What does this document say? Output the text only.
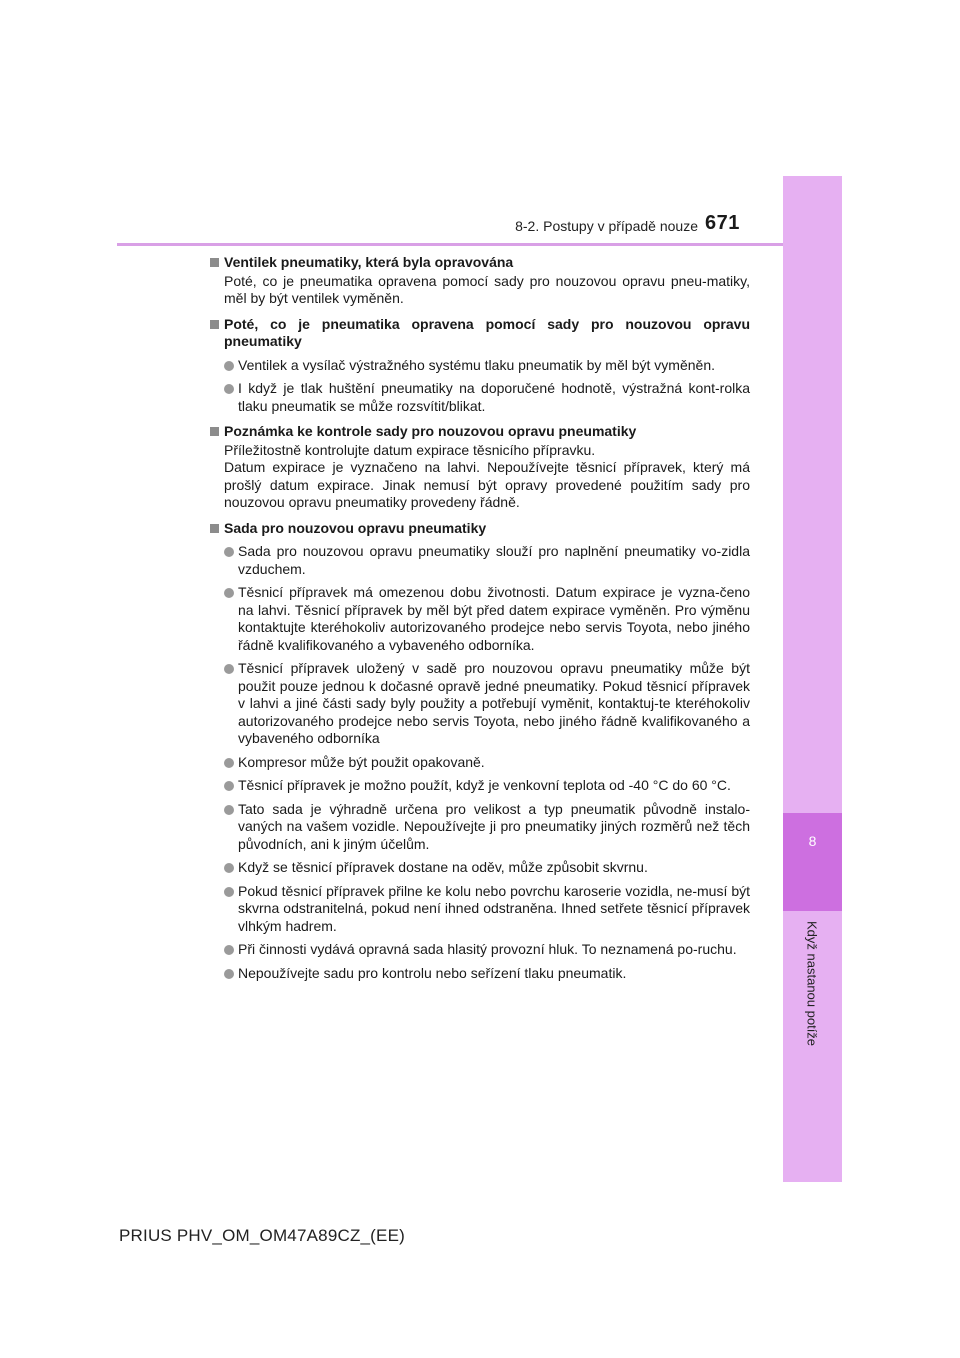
8-2. Postupy v případě nouze 671
8
Když nastanou potíže
Ventilek pneumatiky, která byla opravována
Poté, co je pneumatika opravena pomocí sady pro nouzovou opravu pneu-matiky, měl by být ventilek vyměněn.
Poté, co je pneumatika opravena pomocí sady pro nouzovou opravu pneumatiky
Ventilek a vysílač výstražného systému tlaku pneumatik by měl být vyměněn.
I když je tlak huštění pneumatiky na doporučené hodnotě, výstražná kont-rolka tlaku pneumatik se může rozsvítit/blikat.
Poznámka ke kontrole sady pro nouzovou opravu pneumatiky
Příležitostně kontrolujte datum expirace těsnicího přípravku.
Datum expirace je vyznačeno na lahvi. Nepoužívejte těsnicí přípravek, který má prošlý datum expirace. Jinak nemusí být opravy provedené použitím sady pro nouzovou opravu pneumatiky provedeny řádně.
Sada pro nouzovou opravu pneumatiky
Sada pro nouzovou opravu pneumatiky slouží pro naplnění pneumatiky vo-zidla vzduchem.
Těsnicí přípravek má omezenou dobu životnosti. Datum expirace je vyzna-čeno na lahvi. Těsnicí přípravek by měl být před datem expirace vyměněn. Pro výměnu kontaktujte kteréhokoliv autorizovaného prodejce nebo servis Toyota, nebo jiného řádně kvalifikovaného a vybaveného odborníka.
Těsnicí přípravek uložený v sadě pro nouzovou opravu pneumatiky může být použit pouze jednou k dočasné opravě jedné pneumatiky. Pokud těsnicí přípravek v lahvi a jiné části sady byly použity a potřebují vyměnit, kontaktuj-te kteréhokoliv autorizovaného prodejce nebo servis Toyota, nebo jiného řádně kvalifikovaného a vybaveného odborníka
Kompresor může být použit opakovaně.
Těsnicí přípravek je možno použít, když je venkovní teplota od -40 °C do 60 °C.
Tato sada je výhradně určena pro velikost a typ pneumatik původně instalo-vaných na vašem vozidle. Nepoužívejte ji pro pneumatiky jiných rozměrů než těch původních, ani k jiným účelům.
Když se těsnicí přípravek dostane na oděv, může způsobit skvrnu.
Pokud těsnicí přípravek přilne ke kolu nebo povrchu karoserie vozidla, ne-musí být skvrna odstranitelná, pokud není ihned odstraněna. Ihned setřete těsnicí přípravek vlhkým hadrem.
Při činnosti vydává opravná sada hlasitý provozní hluk. To neznamená po-ruchu.
Nepoužívejte sadu pro kontrolu nebo seřízení tlaku pneumatik.
PRIUS PHV_OM_OM47A89CZ_(EE)
